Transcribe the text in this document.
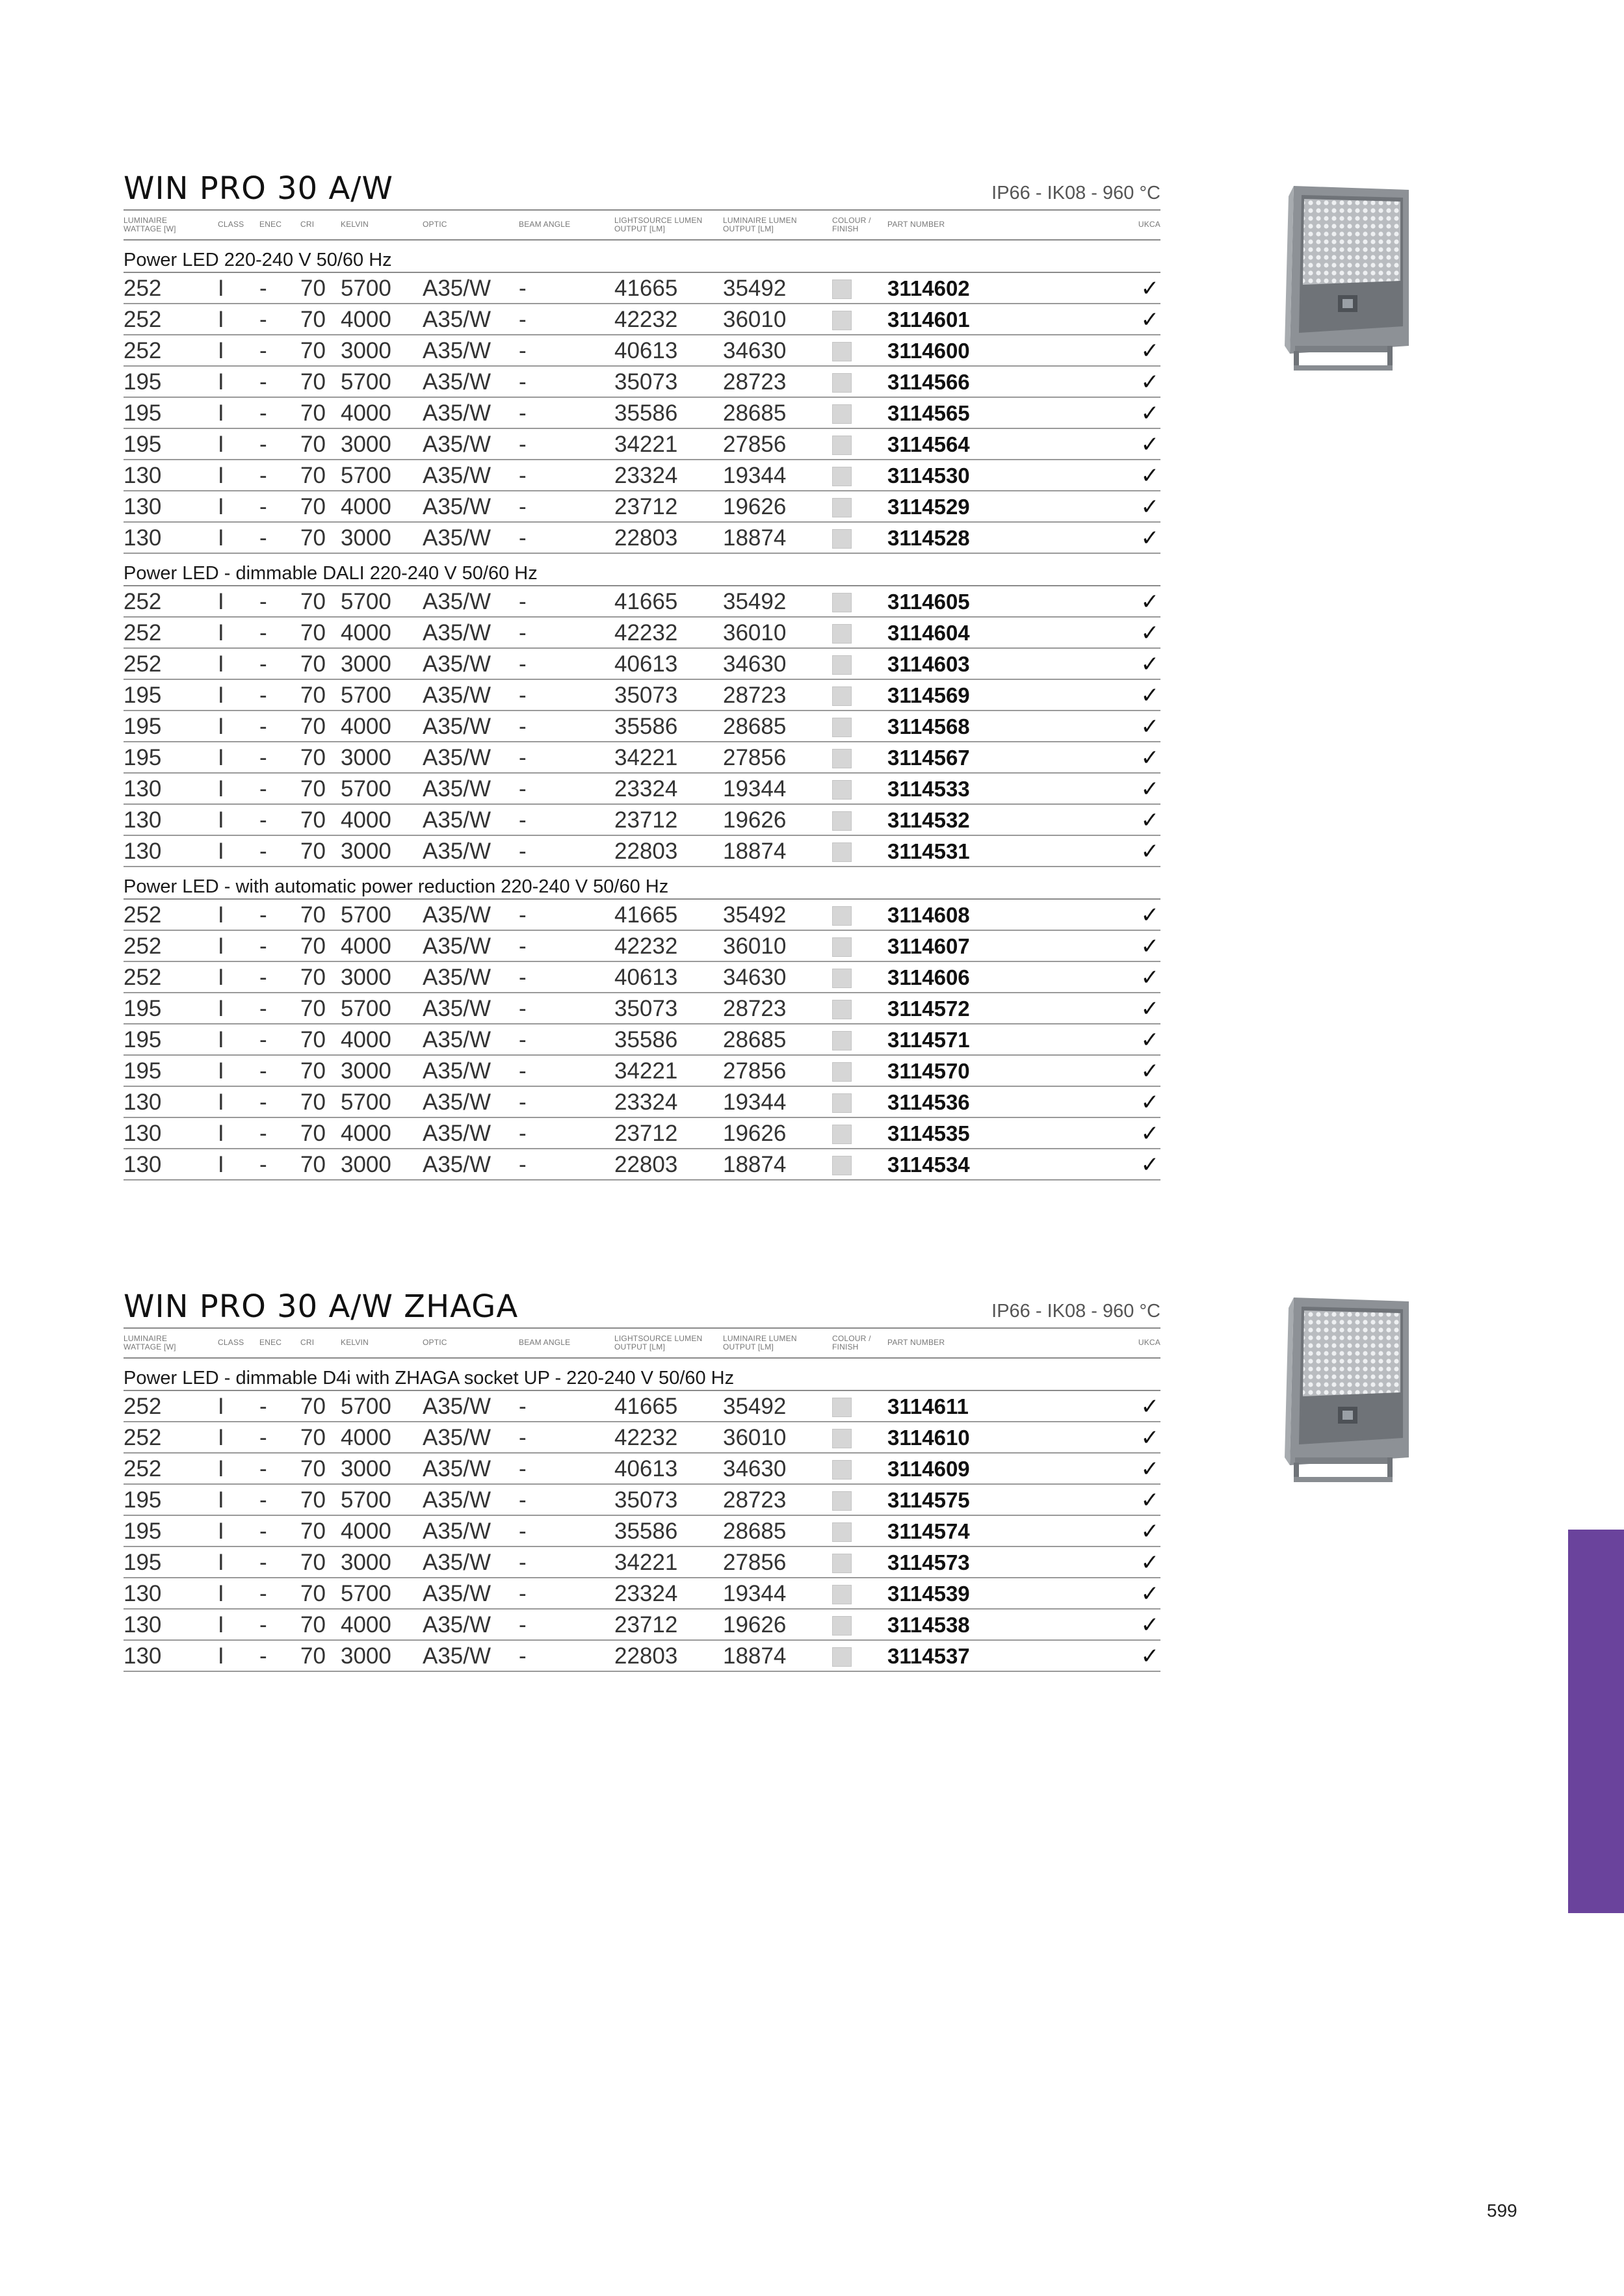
WIN PRO 30 A/W	IP66 - IK08 - 960 °C
LUMINAIRE
WATTAGE [W]	CLASS ENEC CRI	KELVIN	OPTIC	BEAM ANGLE	LIGHTSOURCE LUMEN
OUTPUT [LM]
LUMINAIRE LUMEN
OUTPUT [LM]
COLOUR /
FINISH	PART NUMBER	UKCA
Power LED 220-240 V 50/60 Hz
252 I - 70 5700 A35/W -	41665 35492	3114602	✓
252 I - 70 4000 A35/W -	42232 36010	3114601	✓
252 I - 70 3000 A35/W -	40613 34630	3114600	✓
195 I - 70 5700 A35/W -	35073 28723	3114566	✓
195 I - 70 4000 A35/W -	35586 28685	3114565	✓
195 I - 70 3000 A35/W -	34221 27856	3114564	✓
130 I - 70 5700 A35/W -	23324 19344	3114530	✓
130 I - 70 4000 A35/W -	23712 19626	3114529	✓
130 I - 70 3000 A35/W -	22803 18874	3114528	✓
Power LED - dimmable DALI 220-240 V 50/60 Hz
252 I - 70 5700 A35/W -	41665 35492	3114605	✓
252 I - 70 4000 A35/W -	42232 36010	3114604	✓
252 I - 70 3000 A35/W -	40613 34630	3114603	✓
195 I - 70 5700 A35/W -	35073 28723	3114569	✓
195 I - 70 4000 A35/W -	35586 28685	3114568	✓
195 I - 70 3000 A35/W -	34221 27856	3114567	✓
130 I - 70 5700 A35/W -	23324 19344	3114533	✓
130 I - 70 4000 A35/W -	23712 19626	3114532	✓
130 I - 70 3000 A35/W -	22803 18874	3114531	✓
Power LED - with automatic power reduction 220-240 V 50/60 Hz
252 I - 70 5700 A35/W -	41665 35492	3114608	✓
252 I - 70 4000 A35/W -	42232 36010	3114607	✓
252 I - 70 3000 A35/W -	40613 34630	3114606	✓
195 I - 70 5700 A35/W -	35073 28723	3114572	✓
195 I - 70 4000 A35/W -	35586 28685	3114571	✓
195 I - 70 3000 A35/W -	34221 27856	3114570	✓
130 I - 70 5700 A35/W -	23324 19344	3114536	✓
130 I - 70 4000 A35/W -	23712 19626	3114535	✓
130 I - 70 3000 A35/W -	22803 18874	3114534	✓
WIN PRO 30 A/W ZHAGA	IP66 - IK08 - 960 °C
LUMINAIRE
WATTAGE [W]	CLASS ENEC CRI	KELVIN	OPTIC	BEAM ANGLE	LIGHTSOURCE LUMEN
OUTPUT [LM]
LUMINAIRE LUMEN
OUTPUT [LM]
COLOUR /
FINISH	PART NUMBER	UKCA
Power LED - dimmable D4i with ZHAGA socket UP - 220-240 V 50/60 Hz
252 I - 70 5700 A35/W -	41665 35492	3114611	✓
252 I - 70 4000 A35/W -	42232 36010	3114610	✓
252 I - 70 3000 A35/W -	40613 34630	3114609	✓
195 I - 70 5700 A35/W -	35073 28723	3114575	✓
195 I - 70 4000 A35/W -	35586 28685	3114574	✓
195 I - 70 3000 A35/W -	34221 27856	3114573	✓
130 I - 70 5700 A35/W -	23324 19344	3114539	✓
130 I - 70 4000 A35/W -	23712 19626	3114538	✓
130 I - 70 3000 A35/W -	22803 18874	3114537	✓
599
